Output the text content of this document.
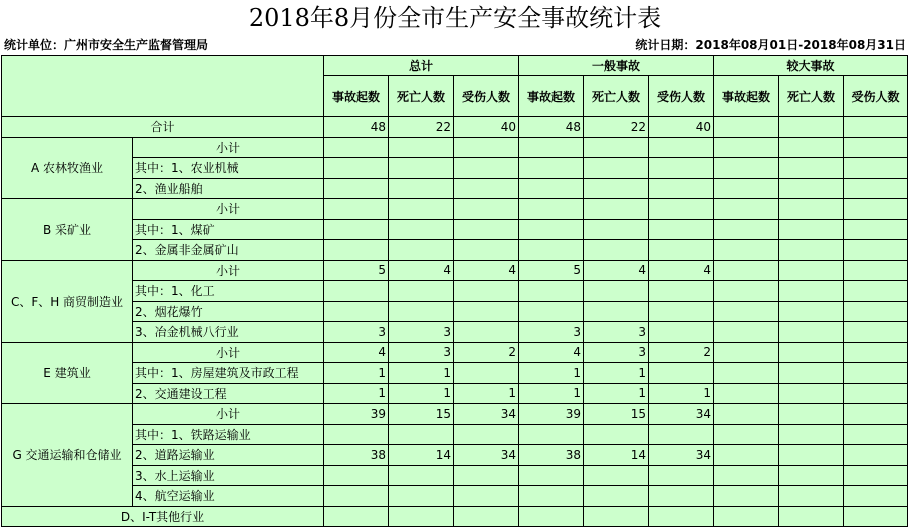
2018年8月份全市生产安全事故统计表
统计单位：广州市安全生产监督管理局	统计日期：2018年08月01日-2018年08月31日
		总计			一般事故			较大事故		
		事故起数	死亡人数	受伤人数	事故起数	死亡人数	受伤人数	事故起数	死亡人数	受伤人数
合计		48	22	40	48	22	40			
A 农林牧渔业	小计									
	其中：1、农业机械									
	2、渔业船舶									
B 采矿业	小计									
	其中：1、煤矿									
	2、金属非金属矿山									
C、F、H 商贸制造业	小计	5	4	4	5	4	4			
	其中：1、化工									
	2、烟花爆竹									
	3、冶金机械八行业	3	3		3	3				
E 建筑业	小计	4	3	2	4	3	2			
	其中：1、房屋建筑及市政工程	1	1		1	1				
	2、交通建设工程	1	1	1	1	1	1			
G 交通运输和仓储业	小计	39	15	34	39	15	34			
	其中：1、铁路运输业									
	2、道路运输业	38	14	34	38	14	34			
	3、水上运输业									
	4、航空运输业									
D、I-T其他行业										
